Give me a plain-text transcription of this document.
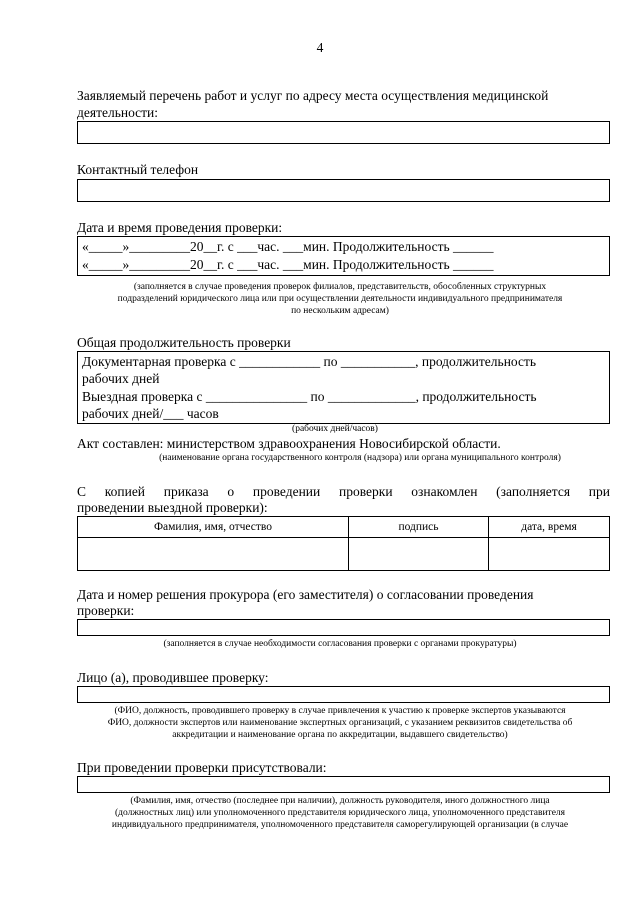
4
Заявляемый перечень работ и услуг по адресу места осуществления медицинской
деятельности:
Контактный телефон
Дата и время проведения проверки:
«_____»_________20__г. с ___час. ___мин. Продолжительность ______
«_____»_________20__г. с ___час. ___мин. Продолжительность ______
(заполняется в случае проведения проверок филиалов, представительств, обособленных структурных
подразделений юридического лица или при осуществлении деятельности индивидуального предпринимателя
по нескольким адресам)
Общая продолжительность проверки
Документарная проверка с ____________ по ___________, продолжительность
рабочих дней
Выездная проверка с _______________ по _____________, продолжительность
рабочих дней/___ часов
(рабочих дней/часов)
Акт составлен: министерством здравоохранения Новосибирской области.
(наименование органа государственного контроля (надзора) или органа муниципального контроля)
С копией приказа о проведении проверки ознакомлен (заполняется при
проведении выездной проверки):
Фамилия, имя, отчество	подпись	дата, время

Дата и номер решения прокурора (его заместителя) о согласовании проведения
проверки:
(заполняется в случае необходимости согласования проверки с органами прокуратуры)
Лицо (а), проводившее проверку:
(ФИО, должность, проводившего проверку в случае привлечения к участию к проверке экспертов указываются
ФИО, должности экспертов или наименование экспертных организаций, с указанием реквизитов свидетельства об
аккредитации и наименование органа по аккредитации, выдавшего свидетельство)
При проведении проверки присутствовали:
(Фамилия, имя, отчество (последнее при наличии), должность руководителя, иного должностного лица
(должностных лиц) или уполномоченного представителя юридического лица, уполномоченного представителя
индивидуального предпринимателя, уполномоченного представителя саморегулирующей организации (в случае
